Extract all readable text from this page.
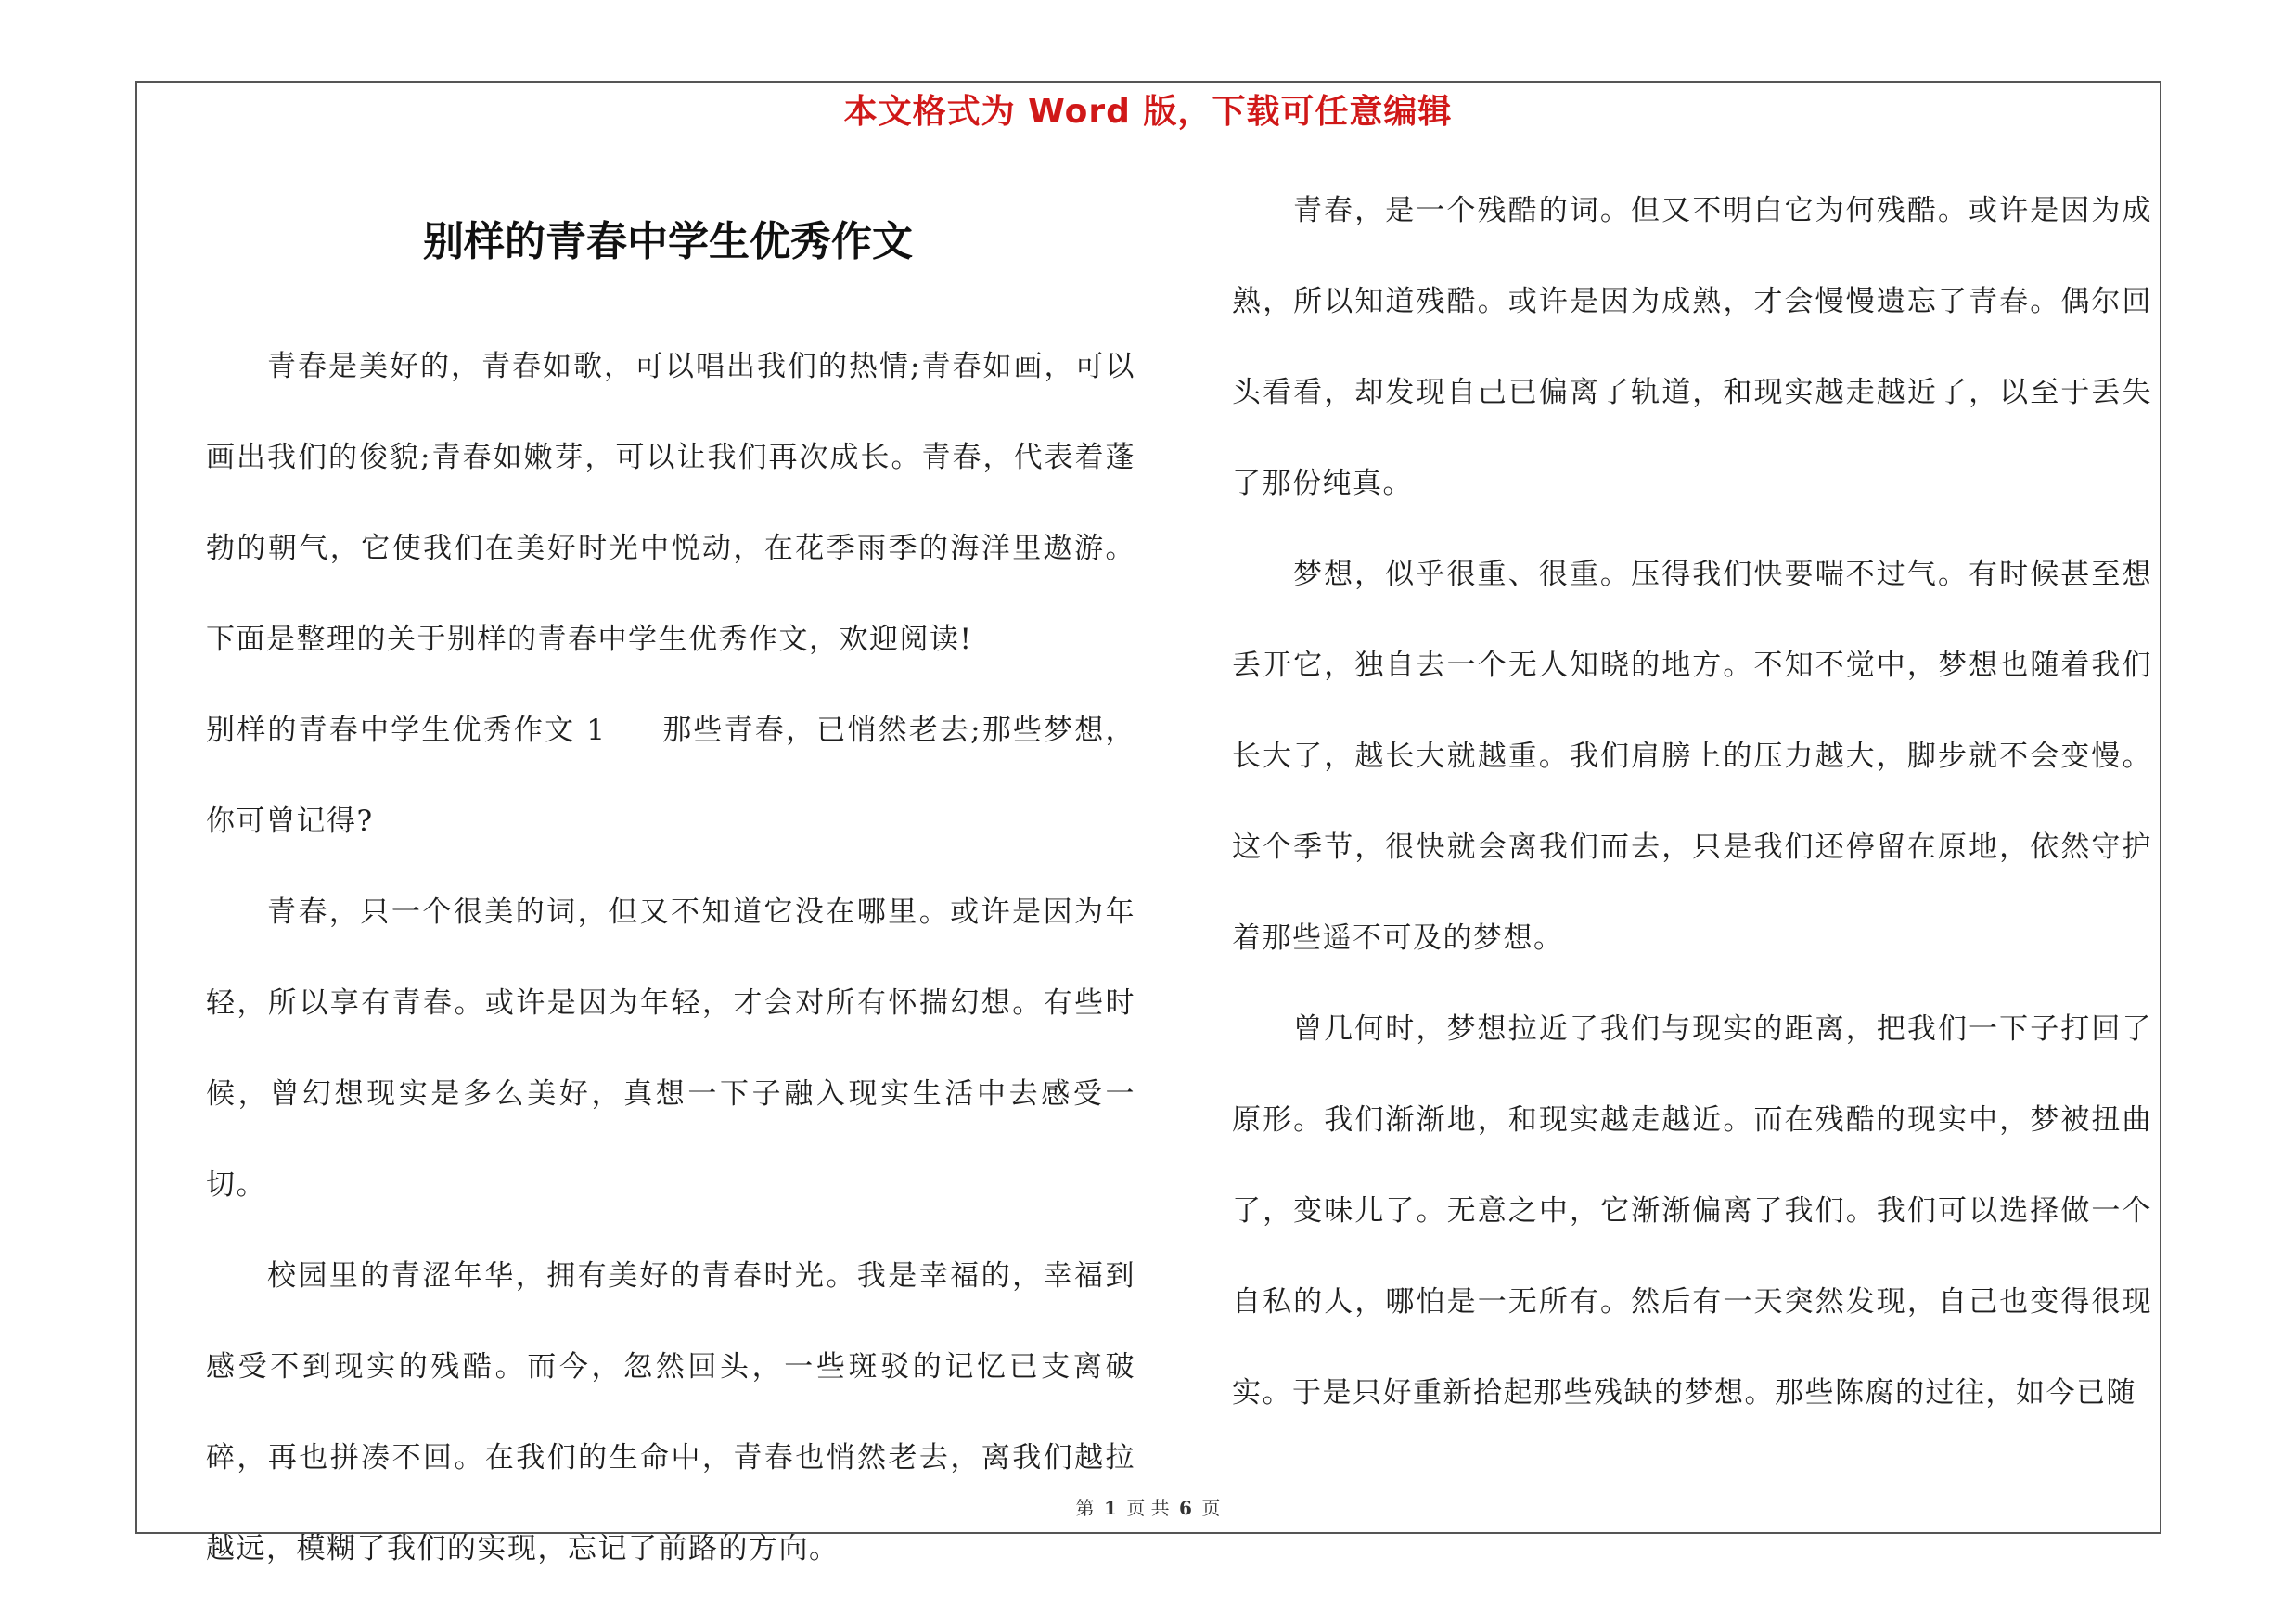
本文格式为 Word 版，下载可任意编辑
别样的青春中学生优秀作文

青春是美好的，青春如歌，可以唱出我们的热情;青春如画，可以画出我们的俊貌;青春如嫩芽，可以让我们再次成长。青春，代表着蓬勃的朝气，它使我们在美好时光中悦动，在花季雨季的海洋里遨游。下面是整理的关于别样的青春中学生优秀作文，欢迎阅读!

别样的青春中学生优秀作文 1 那些青春，已悄然老去;那些梦想，你可曾记得?

青春，只一个很美的词，但又不知道它没在哪里。或许是因为年轻，所以享有青春。或许是因为年轻，才会对所有怀揣幻想。有些时候，曾幻想现实是多么美好，真想一下子融入现实生活中去感受一切。

校园里的青涩年华，拥有美好的青春时光。我是幸福的，幸福到感受不到现实的残酷。而今，忽然回头，一些斑驳的记忆已支离破碎，再也拼凑不回。在我们的生命中，青春也悄然老去，离我们越拉越远，模糊了我们的实现，忘记了前路的方向。

青春，是一个残酷的词。但又不明白它为何残酷。或许是因为成熟，所以知道残酷。或许是因为成熟，才会慢慢遗忘了青春。偶尔回头看看，却发现自己已偏离了轨道，和现实越走越近了，以至于丢失了那份纯真。

梦想，似乎很重、很重。压得我们快要喘不过气。有时候甚至想丢开它，独自去一个无人知晓的地方。不知不觉中，梦想也随着我们长大了，越长大就越重。我们肩膀上的压力越大，脚步就不会变慢。这个季节，很快就会离我们而去，只是我们还停留在原地，依然守护着那些遥不可及的梦想。

曾几何时，梦想拉近了我们与现实的距离，把我们一下子打回了原形。我们渐渐地，和现实越走越近。而在残酷的现实中，梦被扭曲了，变味儿了。无意之中，它渐渐偏离了我们。我们可以选择做一个自私的人，哪怕是一无所有。然后有一天突然发现，自己也变得很现实。于是只好重新拾起那些残缺的梦想。那些陈腐的过往，如今已随

第 1 页 共 6 页
